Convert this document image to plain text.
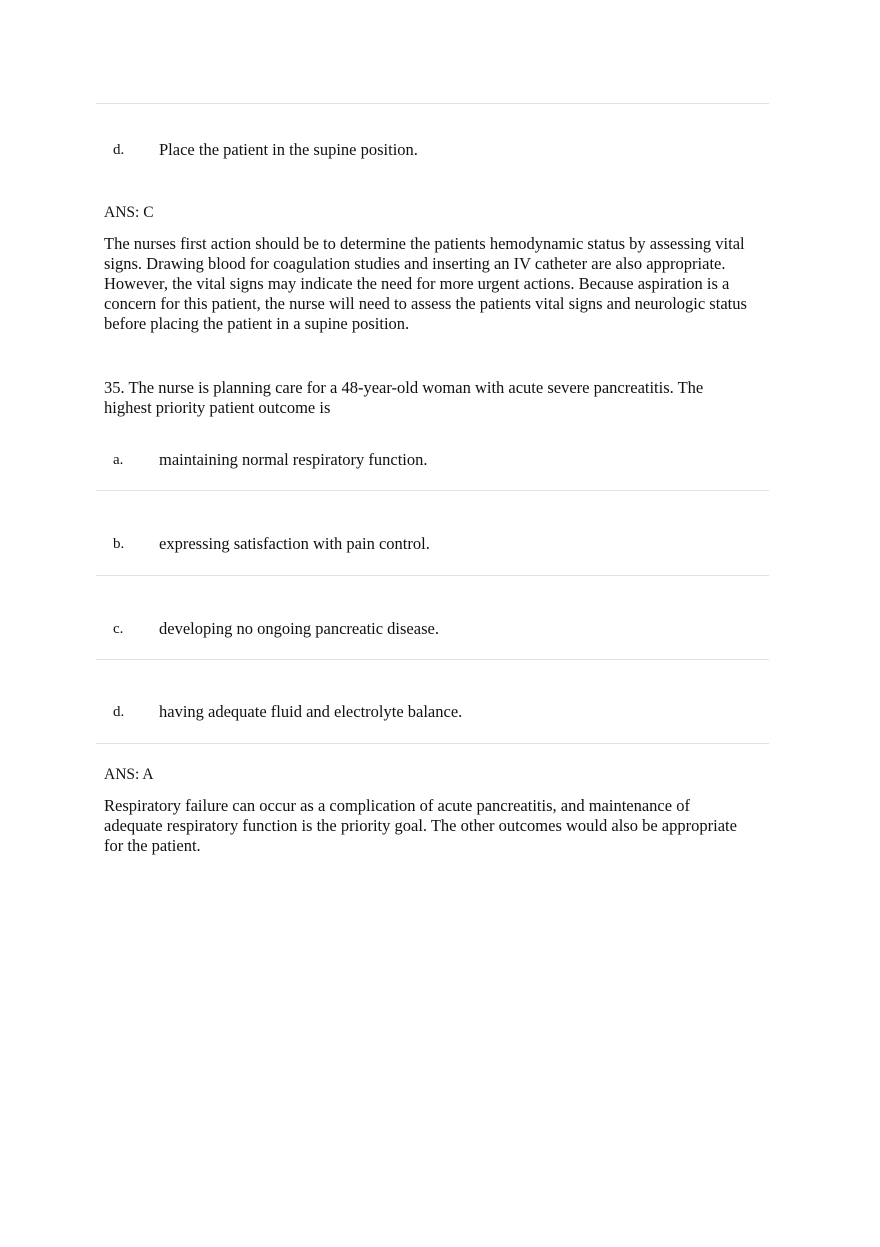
d. Place the patient in the supine position.
ANS: C
The nurses first action should be to determine the patients hemodynamic status by assessing vital
signs. Drawing blood for coagulation studies and inserting an IV catheter are also appropriate.
However, the vital signs may indicate the need for more urgent actions. Because aspiration is a
concern for this patient, the nurse will need to assess the patients vital signs and neurologic status
before placing the patient in a supine position.
35. The nurse is planning care for a 48-year-old woman with acute severe pancreatitis. The
highest priority patient outcome is
a. maintaining normal respiratory function.
b. expressing satisfaction with pain control.
c. developing no ongoing pancreatic disease.
d. having adequate fluid and electrolyte balance.
ANS: A
Respiratory failure can occur as a complication of acute pancreatitis, and maintenance of
adequate respiratory function is the priority goal. The other outcomes would also be appropriate
for the patient.
